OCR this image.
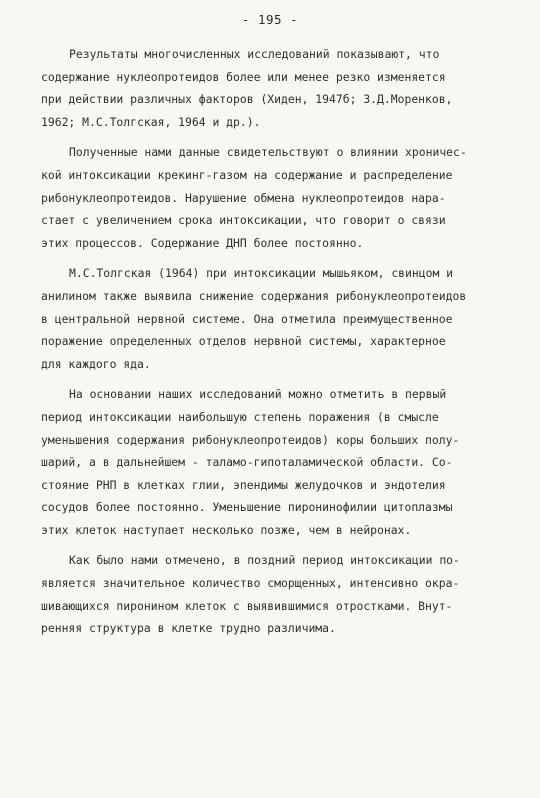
- 195 -

Результаты многочисленных исследований показывают, что
содержание нуклеопротеидов более или менее резко изменяется
при действии различных факторов (Хиден, 1947б; З.Д.Моренков,
1962; М.С.Толгская, 1964 и др.).

Полученные нами данные свидетельствуют о влиянии хроничес-
кой интоксикации крекинг-газом на содержание и распределение
рибонуклеопротеидов. Нарушение обмена нуклеопротеидов нара-
стает с увеличением срока интоксикации, что говорит о связи
этих процессов. Содержание ДНП более постоянно.

М.С.Толгская (1964) при интоксикации мышьяком, свинцом и
анилином также выявила снижение содержания рибонуклеопротеидов
в центральной нервной системе. Она отметила преимущественное
поражение определенных отделов нервной системы, характерное
для каждого яда.

На основании наших исследований можно отметить в первый
период интоксикации наибольшую степень поражения (в смысле
уменьшения содержания рибонуклеопротеидов) коры больших полу-
шарий, а в дальнейшем - таламо-гипоталамической области. Со-
стояние РНП в клетках глии, эпендимы желудочков и эндотелия
сосудов более постоянно. Уменьшение пиронинофилии цитоплазмы
этих клеток наступает несколько позже, чем в нейронах.

Как было нами отмечено, в поздний период интоксикации по-
является значительное количество сморщенных, интенсивно окра-
шивающихся пиронином клеток с выявившимися отростками. Внут-
ренняя структура в клетке трудно различима.
